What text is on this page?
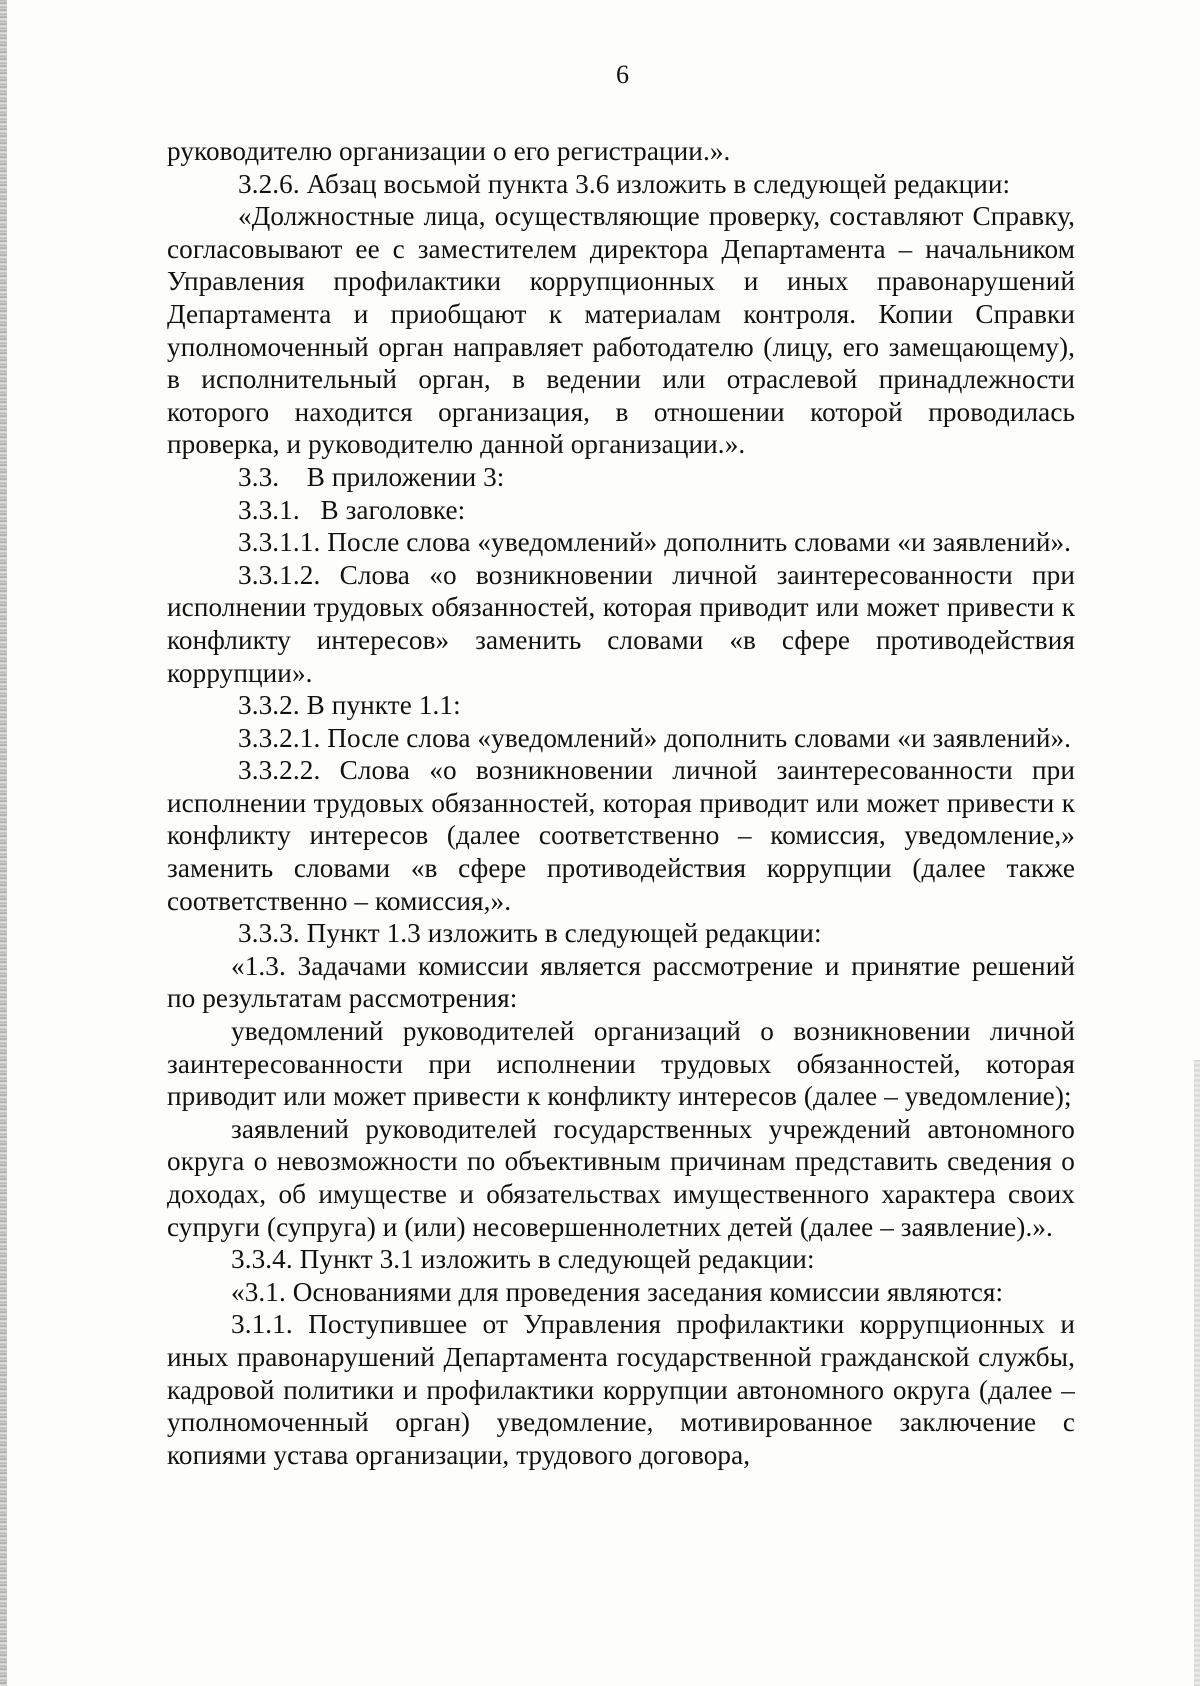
6

руководителю организации о его регистрации.».

3.2.6. Абзац восьмой пункта 3.6 изложить в следующей редакции:

«Должностные лица, осуществляющие проверку, составляют Справку, согласовывают ее с заместителем директора Департамента – начальником Управления профилактики коррупционных и иных правонарушений Департамента и приобщают к материалам контроля. Копии Справки уполномоченный орган направляет работодателю (лицу, его замещающему), в исполнительный орган, в ведении или отраслевой принадлежности которого находится организация, в отношении которой проводилась проверка, и руководителю данной организации.».

3.3.    В приложении 3:

3.3.1.   В заголовке:

3.3.1.1. После слова «уведомлений» дополнить словами «и заявлений».

3.3.1.2. Слова «о возникновении личной заинтересованности при исполнении трудовых обязанностей, которая приводит или может привести к конфликту интересов» заменить словами «в сфере противодействия коррупции».

3.3.2. В пункте 1.1:

3.3.2.1. После слова «уведомлений» дополнить словами «и заявлений».

3.3.2.2. Слова «о возникновении личной заинтересованности при исполнении трудовых обязанностей, которая приводит или может привести к конфликту интересов (далее соответственно – комиссия, уведомление,» заменить словами «в сфере противодействия коррупции (далее также соответственно – комиссия,».

3.3.3. Пункт 1.3 изложить в следующей редакции:

«1.3. Задачами комиссии является рассмотрение и принятие решений по результатам рассмотрения:

уведомлений руководителей организаций о возникновении личной заинтересованности при исполнении трудовых обязанностей, которая приводит или может привести к конфликту интересов (далее – уведомление);

заявлений руководителей государственных учреждений автономного округа о невозможности по объективным причинам представить сведения о доходах, об имуществе и обязательствах имущественного характера своих супруги (супруга) и (или) несовершеннолетних детей (далее – заявление).».

3.3.4. Пункт 3.1 изложить в следующей редакции:

«3.1. Основаниями для проведения заседания комиссии являются:

3.1.1. Поступившее от Управления профилактики коррупционных и иных правонарушений Департамента государственной гражданской службы, кадровой политики и профилактики коррупции автономного округа (далее – уполномоченный орган) уведомление, мотивированное заключение с копиями устава организации, трудового договора,
